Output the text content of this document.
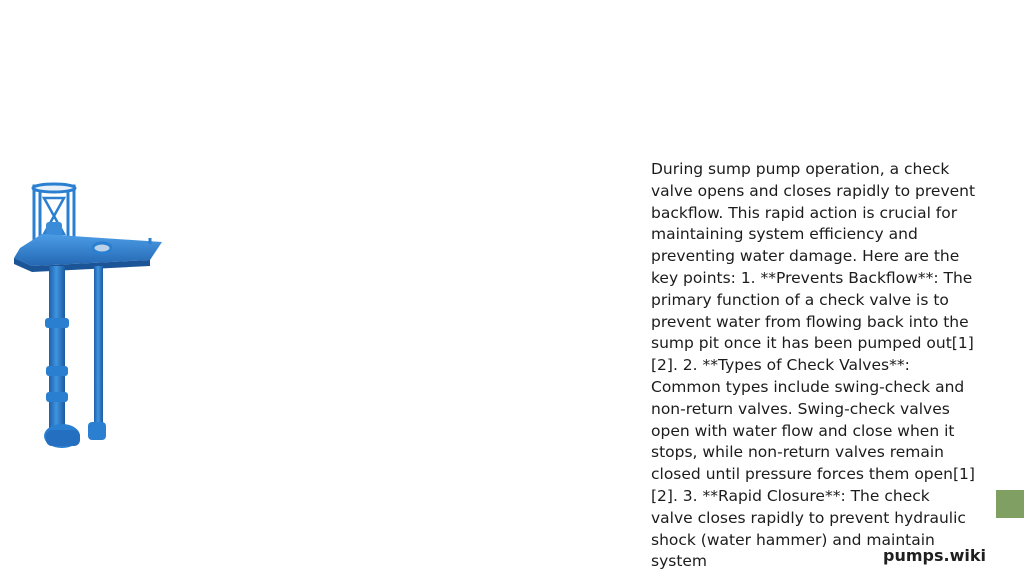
During sump pump operation, a check valve opens and closes rapidly to prevent backflow. This rapid action is crucial for maintaining system efficiency and preventing water damage. Here are the key points: 1. **Prevents Backflow**: The primary function of a check valve is to prevent water from flowing back into the sump pit once it has been pumped out[1][2]. 2. **Types of Check Valves**: Common types include swing-check and non-return valves. Swing-check valves open with water flow and close when it stops, while non-return valves remain closed until pressure forces them open[1][2]. 3. **Rapid Closure**: The check valve closes rapidly to prevent hydraulic shock (water hammer) and maintain system	pumps.wiki
